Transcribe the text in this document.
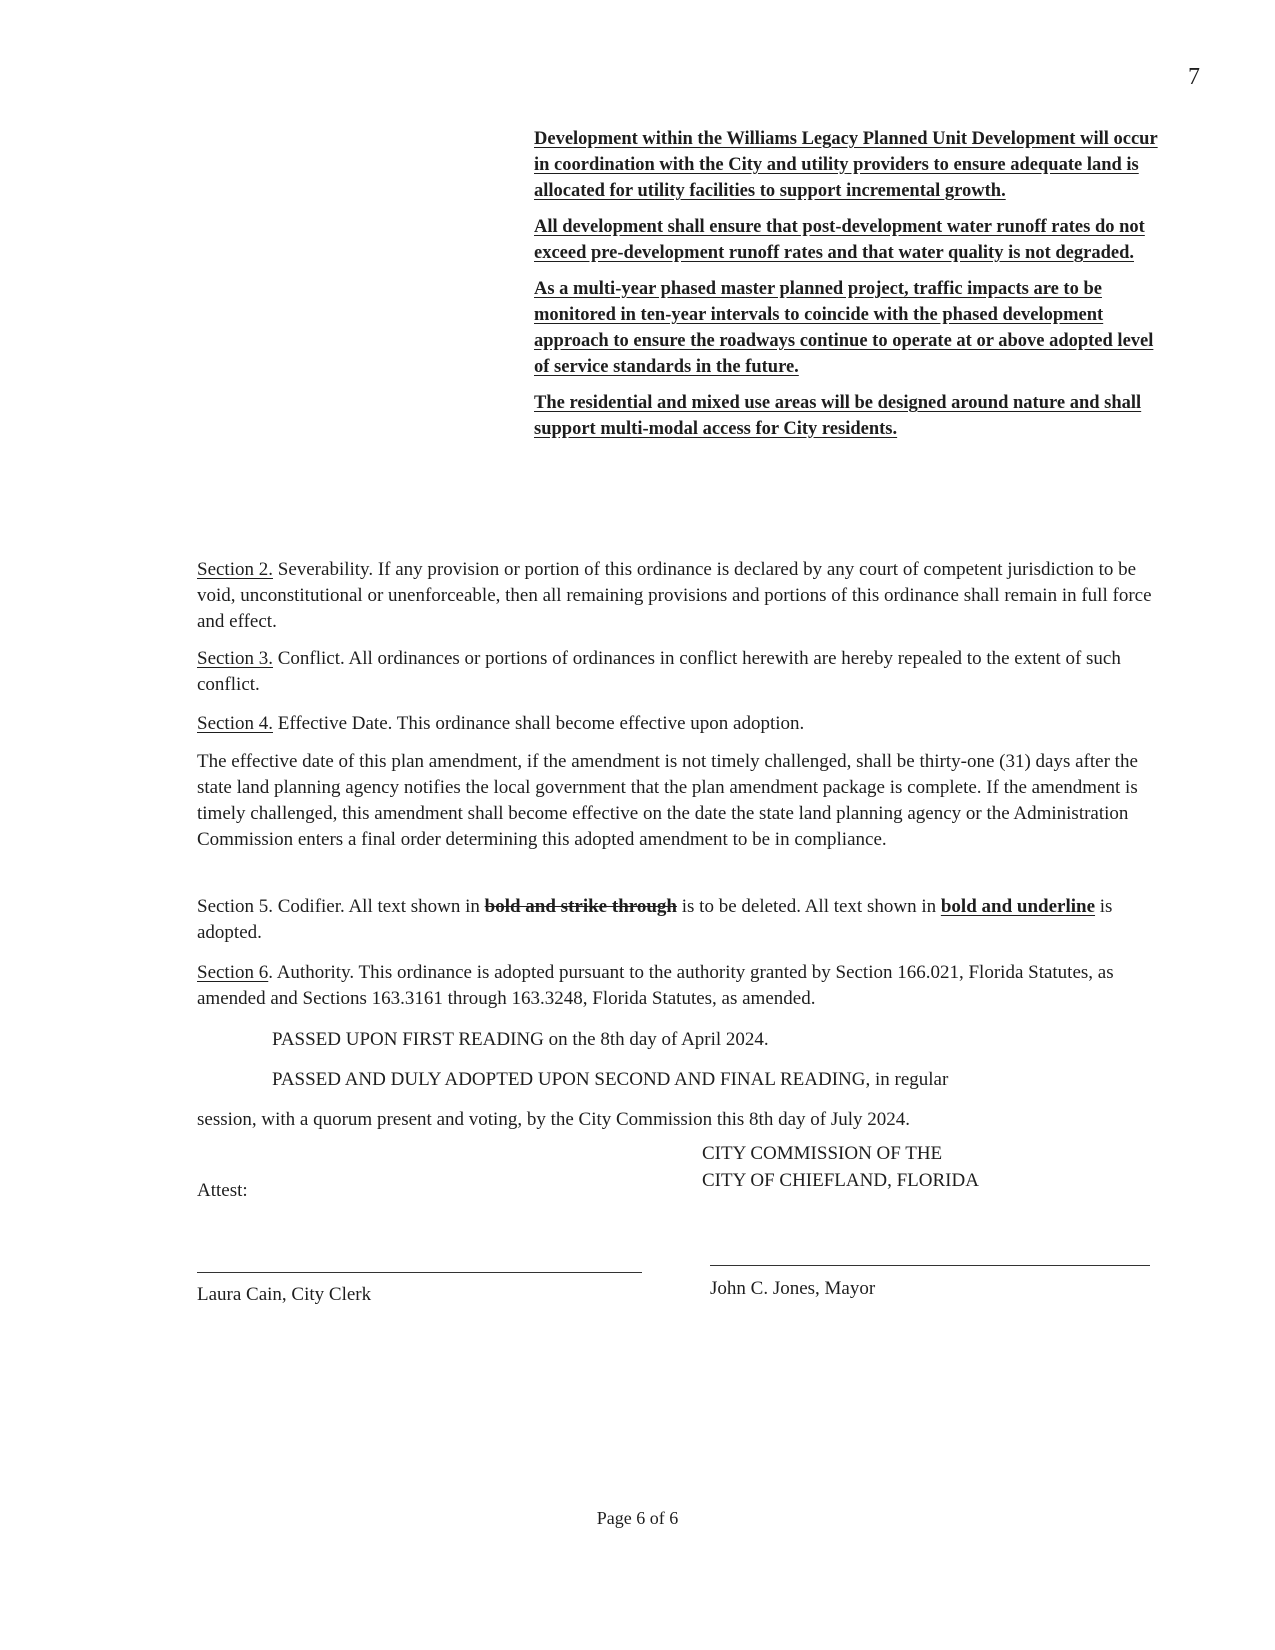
7

Development within the Williams Legacy Planned Unit Development will occur in coordination with the City and utility providers to ensure adequate land is allocated for utility facilities to support incremental growth.

All development shall ensure that post-development water runoff rates do not exceed pre-development runoff rates and that water quality is not degraded.

As a multi-year phased master planned project, traffic impacts are to be monitored in ten-year intervals to coincide with the phased development approach to ensure the roadways continue to operate at or above adopted level of service standards in the future.

The residential and mixed use areas will be designed around nature and shall support multi-modal access for City residents.

Section 2. Severability. If any provision or portion of this ordinance is declared by any court of competent jurisdiction to be void, unconstitutional or unenforceable, then all remaining provisions and portions of this ordinance shall remain in full force and effect.

Section 3. Conflict. All ordinances or portions of ordinances in conflict herewith are hereby repealed to the extent of such conflict.

Section 4. Effective Date. This ordinance shall become effective upon adoption.

The effective date of this plan amendment, if the amendment is not timely challenged, shall be thirty-one (31) days after the state land planning agency notifies the local government that the plan amendment package is complete. If the amendment is timely challenged, this amendment shall become effective on the date the state land planning agency or the Administration Commission enters a final order determining this adopted amendment to be in compliance.

Section 5. Codifier. All text shown in bold and strike through is to be deleted. All text shown in bold and underline is adopted.

Section 6. Authority. This ordinance is adopted pursuant to the authority granted by Section 166.021, Florida Statutes, as amended and Sections 163.3161 through 163.3248, Florida Statutes, as amended.

PASSED UPON FIRST READING on the 8th day of April 2024.
PASSED AND DULY ADOPTED UPON SECOND AND FINAL READING, in regular
session, with a quorum present and voting, by the City Commission this 8th day of July 2024.
CITY COMMISSION OF THE
CITY OF CHIEFLAND, FLORIDA
Attest:
Laura Cain, City Clerk	John C. Jones, Mayor
Page 6 of 6
